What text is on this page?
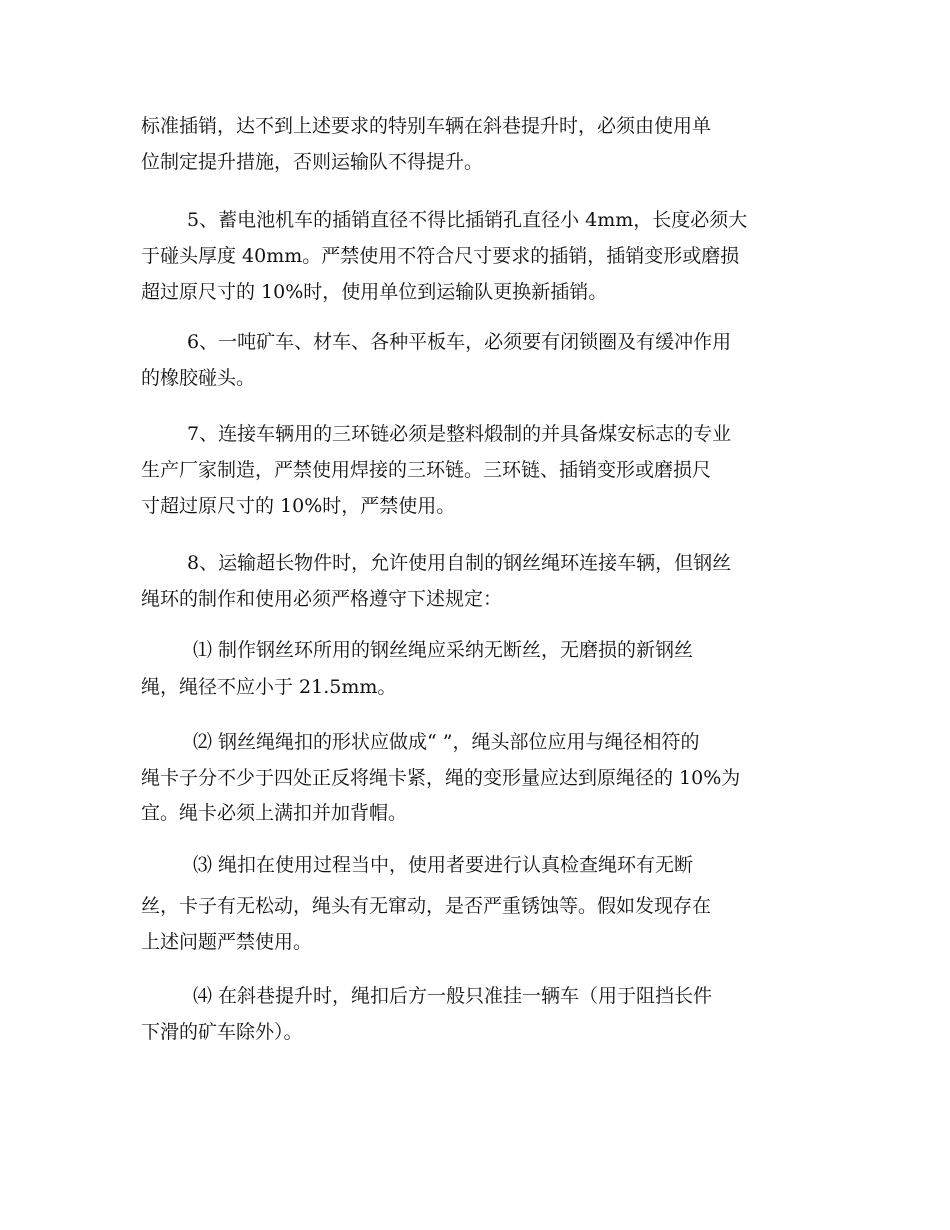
标准插销，达不到上述要求的特别车辆在斜巷提升时，必须由使用单
位制定提升措施，否则运输队不得提升。
5、蓄电池机车的插销直径不得比插销孔直径小 4mm，长度必须大
于碰头厚度 40mm。严禁使用不符合尺寸要求的插销，插销变形或磨损
超过原尺寸的 10%时，使用单位到运输队更换新插销。
6、一吨矿车、材车、各种平板车，必须要有闭锁圈及有缓冲作用
的橡胶碰头。
7、连接车辆用的三环链必须是整料煅制的并具备煤安标志的专业
生产厂家制造，严禁使用焊接的三环链。三环链、插销变形或磨损尺
寸超过原尺寸的 10%时，严禁使用。
8、运输超长物件时，允许使用自制的钢丝绳环连接车辆，但钢丝
绳环的制作和使用必须严格遵守下述规定：
⑴ 制作钢丝环所用的钢丝绳应采纳无断丝，无磨损的新钢丝
绳，绳径不应小于 21.5mm。
⑵ 钢丝绳绳扣的形状应做成“ ”，绳头部位应用与绳径相符的
绳卡子分不少于四处正反将绳卡紧，绳的变形量应达到原绳径的 10%为
宜。绳卡必须上满扣并加背帽。
⑶ 绳扣在使用过程当中，使用者要进行认真检查绳环有无断
丝，卡子有无松动，绳头有无窜动，是否严重锈蚀等。假如发现存在
上述问题严禁使用。
⑷ 在斜巷提升时，绳扣后方一般只准挂一辆车（用于阻挡长件
下滑的矿车除外）。
